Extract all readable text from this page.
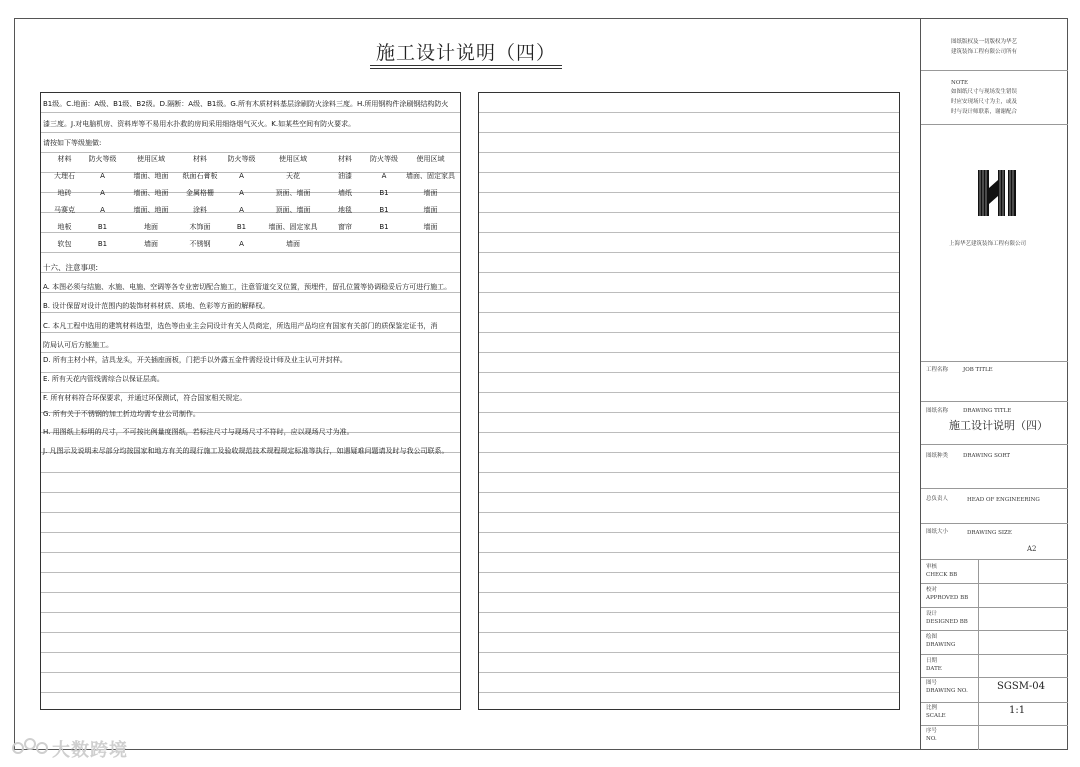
施工设计说明（四）
B1级。C.地面：A级、B1级、B2级。D.隔断：A级、B1级。G.所有木质材料基层涂刷防火涂料三度。H.所用钢构件涂刷钢结构防火
漆三度。J.对电脑机房、资料库等不易用水扑救的房间采用细络烟气灭火。K.如某些空间有防火要求。
请按如下等级施做:
材料	防火等级	使用区域	材料	防火等级	使用区域	材料	防火等级	使用区域
大理石	A	墙面、地面	纸面石膏板	A	天花	油漆	A	墙面、固定家具
地砖	A	墙面、地面	金属格栅	A	顶面、墙面	墙纸	B1	墙面
马赛克	A	墙面、地面	涂料	A	顶面、墙面	地毯	B1	墙面
地板	B1	地面	木饰面	B1	墙面、固定家具	窗帘	B1	墙面
软包	B1	墙面	不锈钢	A	墙面			
十六、注意事项:
A. 本图必须与结施、水施、电施、空调等各专业密切配合施工，注意管道交叉位置，预埋件，留孔位置等协调稳妥后方可进行施工。
B. 设计保留对设计范围内的装饰材料材质、质地、色彩等方面的解释权。
C. 本凡工程中选用的建筑材料选型，选色等由业主会同设计有关人员商定，所选用产品均应有国家有关部门的质保鉴定证书，消
防局认可后方能施工。
D. 所有主材小样，洁具龙头，开关插座面板，门把手以外露五金件需经设计师及业主认可并封样。
E. 所有天花内管线需综合以保证层高。
F. 所有材料符合环保要求，并通过环保测试，符合国家相关规定。
G. 所有关于不锈钢的加工折边均需专业公司制作。
H. 用图纸上标明的尺寸，不可按比例量度图纸，若标注尺寸与现场尺寸不符时，应以现场尺寸为准。
J. 凡图示及说明未尽部分均按国家和地方有关的现行施工及验收规范技术规程规定标准等执行，如遇疑难问题请及时与我公司联系。
图纸版权及一切版权为华艺
建筑装饰工程有限公司所有
NOTE
如图纸尺寸与现场发生错误
时应安现场尺寸为主，或及
时与设计师联系，谢谢配合
上海华艺建筑装饰工程有限公司
工程名称	JOB TITLE
图纸名称	DRAWING TITLE
施工设计说明（四）
图纸种类	DRAWING SORT
总负责人	HEAD OF ENGINEERING
图纸大小	DRAWING SIZE
A2
审核
CHECK BB
校对
APPROVED BB
设计
DESIGNED BB
绘图
DRAWING
日期
DATE
图号
DRAWING NO.	SGSM-04
比例
SCALE	1:1
序号
NO.
大数跨境
